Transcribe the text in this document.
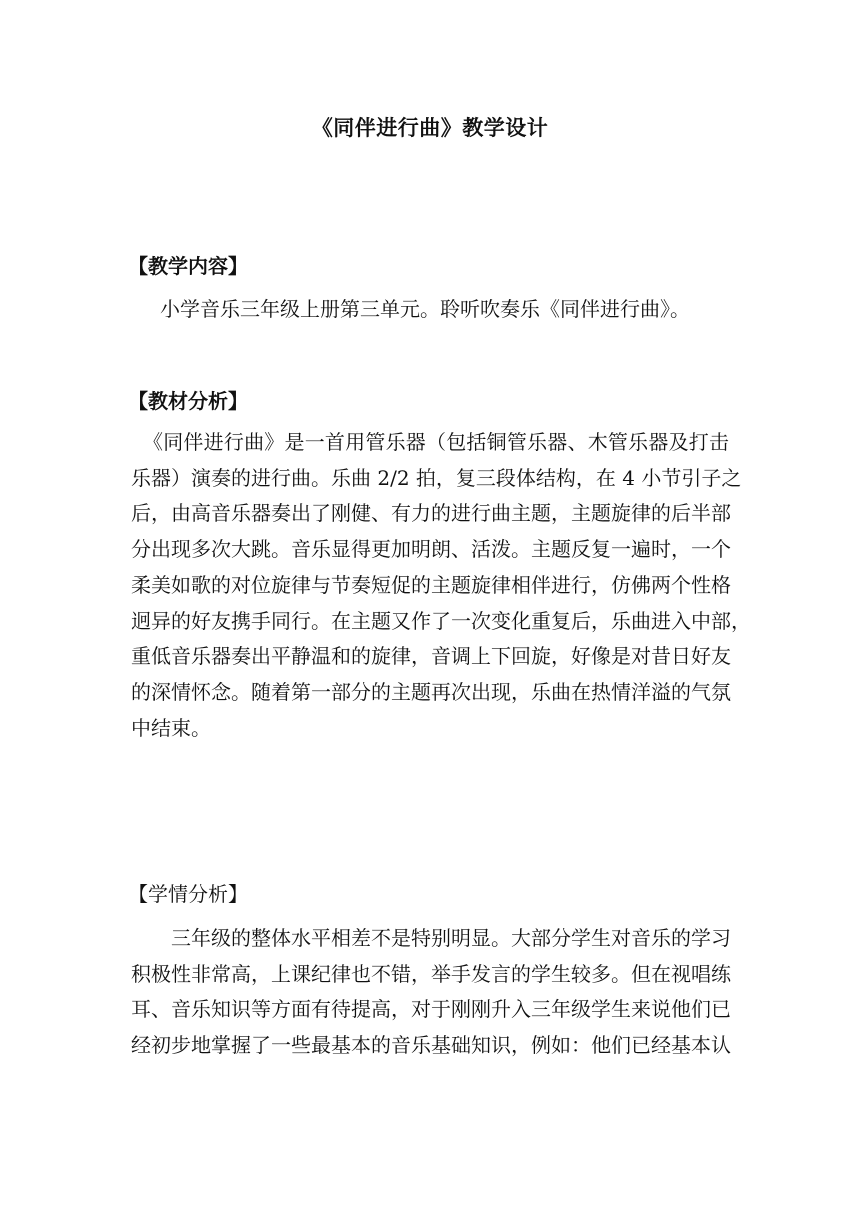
《同伴进行曲》教学设计
【教学内容】
小学音乐三年级上册第三单元。聆听吹奏乐《同伴进行曲》。
【教材分析】
《同伴进行曲》是一首用管乐器（包括铜管乐器、木管乐器及打击
乐器）演奏的进行曲。乐曲 2/2 拍，复三段体结构，在 4 小节引子之
后，由高音乐器奏出了刚健、有力的进行曲主题，主题旋律的后半部
分出现多次大跳。音乐显得更加明朗、活泼。主题反复一遍时，一个
柔美如歌的对位旋律与节奏短促的主题旋律相伴进行，仿佛两个性格
迥异的好友携手同行。在主题又作了一次变化重复后，乐曲进入中部，
重低音乐器奏出平静温和的旋律，音调上下回旋，好像是对昔日好友
的深情怀念。随着第一部分的主题再次出现，乐曲在热情洋溢的气氛
中结束。
【学情分析】
三年级的整体水平相差不是特别明显。大部分学生对音乐的学习
积极性非常高，上课纪律也不错，举手发言的学生较多。但在视唱练
耳、音乐知识等方面有待提高，对于刚刚升入三年级学生来说他们已
经初步地掌握了一些最基本的音乐基础知识，例如：他们已经基本认
